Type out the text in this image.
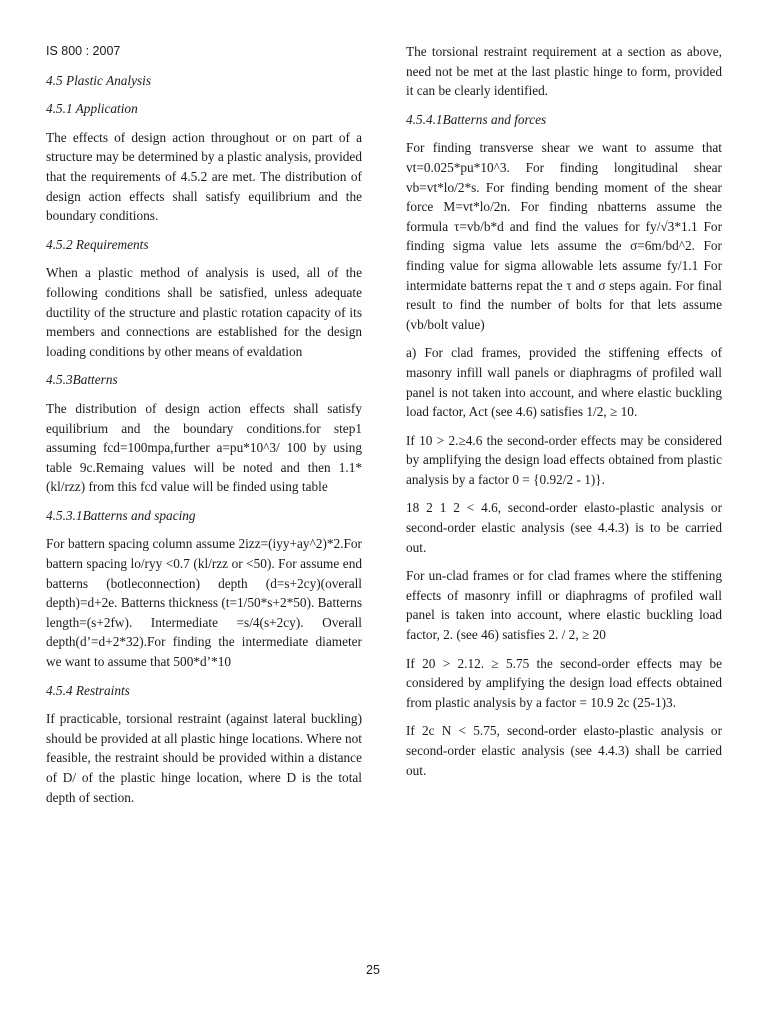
IS 800 : 2007
4.5 Plastic Analysis
4.5.1 Application

The effects of design action throughout or on part of a structure may be determined by a plastic analysis, provided that the requirements of 4.5.2 are met. The distribution of design action effects shall satisfy equilibrium and the boundary conditions.

4.5.2 Requirements

When a plastic method of analysis is used, all of the following conditions shall be satisfied, unless adequate ductility of the structure and plastic rotation capacity of its members and connections are established for the design loading conditions by other means of evaldation

4.5.3Batterns

The distribution of design action effects shall satisfy equilibrium and the boundary conditions.for step1 assuming fcd=100mpa,further a=pu*10^3/ 100 by using table 9c.Remaing values will be noted and then 1.1*(kl/rzz) from this fcd value will be finded using table

4.5.3.1Batterns and spacing

For battern spacing column assume 2izz=(iyy+ay^2)*2.For battern spacing lo/ryy <0.7 (kl/rzz or <50). For assume end batterns (botleconnection) depth (d=s+2cy)(overall depth)=d+2e. Batterns thickness (t=1/50*s+2*50). Batterns length=(s+2fw). Intermediate =s/4(s+2cy). Overall depth(d’=d+2*32).For finding the intermediate diameter we want to assume that 500*d’*10

4.5.4 Restraints

If practicable, torsional restraint (against lateral buckling) should be provided at all plastic hinge locations. Where not feasible, the restraint should be provided within a distance of D/ of the plastic hinge location, where D is the total depth of section.

The torsional restraint requirement at a section as above, need not be met at the last plastic hinge to form, provided it can be clearly identified.

4.5.4.1Batterns and forces

For finding transverse shear we want to assume that vt=0.025*pu*10^3. For finding longitudinal shear vb=vt*lo/2*s. For finding bending moment of the shear force M=vt*lo/2n. For finding nbatterns assume the formula τ=vb/b*d and find the values for fy/√3*1.1 For finding sigma value lets assume the σ=6m/bd^2. For finding value for sigma allowable lets assume fy/1.1 For intermidate batterns repat the τ and σ steps again. For final result to find the number of bolts for that lets assume (vb/bolt value)

a) For clad frames, provided the stiffening effects of masonry infill wall panels or diaphragms of profiled wall panel is not taken into account, and where elastic buckling load factor, Act (see 4.6) satisfies 1/2, ≥ 10.

If 10 > 2.≥4.6 the second-order effects may be considered by amplifying the design load effects obtained from plastic analysis by a factor 0 = {0.92/2 - 1)}.

18 2 1 2 < 4.6, second-order elasto-plastic analysis or second-order elastic analysis (see 4.4.3) is to be carried out.

For un-clad frames or for clad frames where the stiffening effects of masonry infill or diaphragms of profiled wall panel is taken into account, where elastic buckling load factor, 2. (see 46) satisfies 2. / 2, ≥ 20

If 20 > 2.12. ≥ 5.75 the second-order effects may be considered by amplifying the design load effects obtained from plastic analysis by a factor = 10.9 2c (25-1)3.

If 2c N < 5.75, second-order elasto-plastic analysis or second-order elastic analysis (see 4.4.3) shall be carried out.

25
